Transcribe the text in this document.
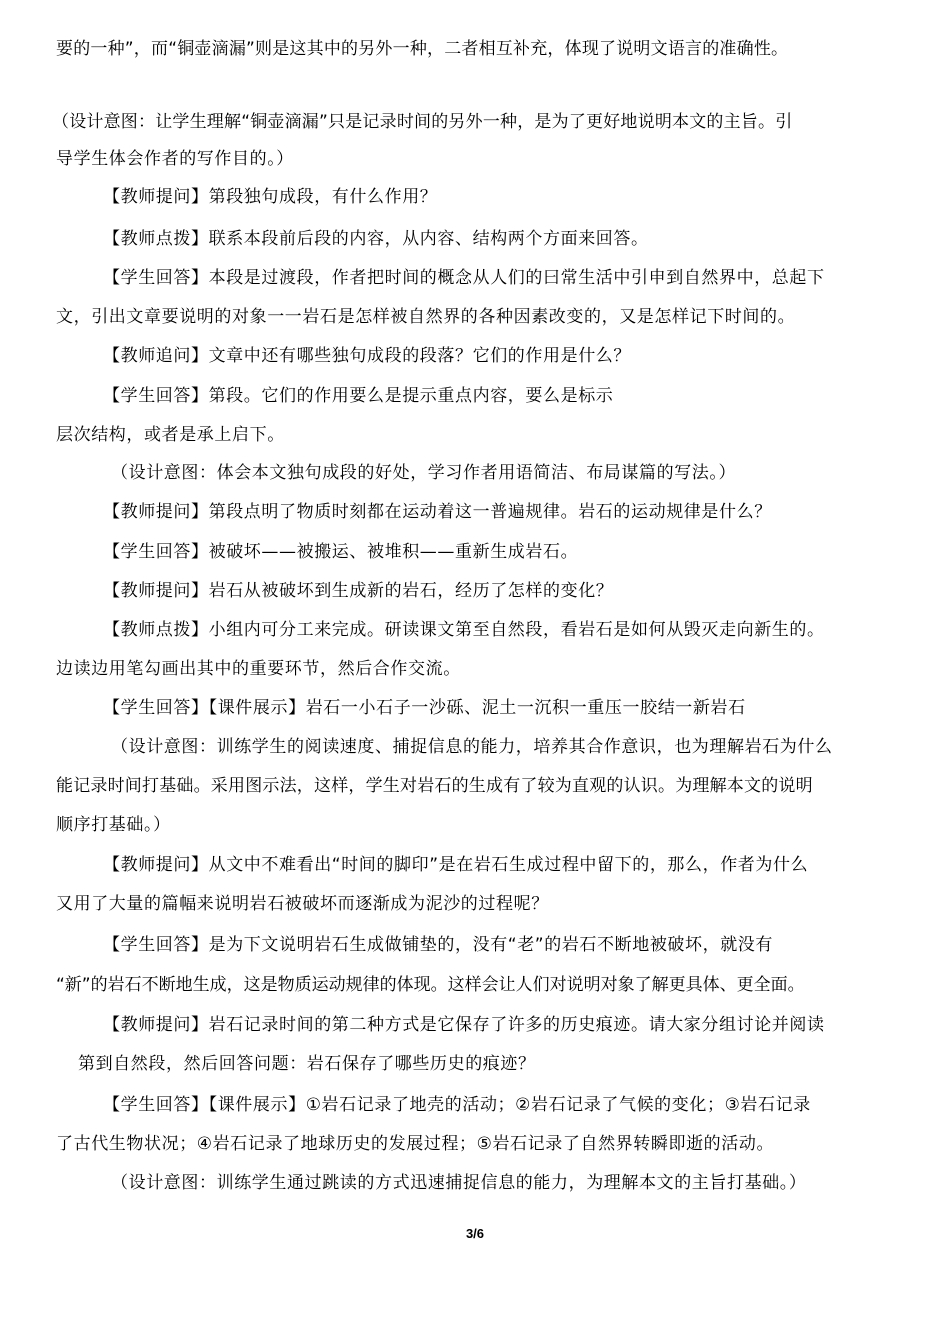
要的一种”，而“铜壶滴漏”则是这其中的另外一种，二者相互补充，体现了说明文语言的准确性。
（设计意图：让学生理解“铜壶滴漏”只是记录时间的另外一种，是为了更好地说明本文的主旨。引
导学生体会作者的写作目的。）
【教师提问】第段独句成段，有什么作用？
【教师点拨】联系本段前后段的内容，从内容、结构两个方面来回答。
【学生回答】本段是过渡段，作者把时间的概念从人们的曰常生活中引申到自然界中，总起下
文，引出文章要说明的对象一一岩石是怎样被自然界的各种因素改变的，又是怎样记下时间的。
【教师追问】文章中还有哪些独句成段的段落？它们的作用是什么？
【学生回答】第段。它们的作用要么是提示重点内容，要么是标示
层次结构，或者是承上启下。
（设计意图：体会本文独句成段的好处，学习作者用语简洁、布局谋篇的写法。）
【教师提问】第段点明了物质时刻都在运动着这一普遍规律。岩石的运动规律是什么？
【学生回答】被破坏——被搬运、被堆积——重新生成岩石。
【教师提问】岩石从被破坏到生成新的岩石，经历了怎样的变化？
【教师点拨】小组内可分工来完成。研读课文第至自然段，看岩石是如何从毁灭走向新生的。
边读边用笔勾画出其中的重要环节，然后合作交流。
【学生回答】【课件展示】岩石一小石子一沙砾、泥土一沉积一重压一胶结一新岩石
（设计意图：训练学生的阅读速度、捕捉信息的能力，培养其合作意识，也为理解岩石为什么
能记录时间打基础。采用图示法，这样，学生对岩石的生成有了较为直观的认识。为理解本文的说明
顺序打基础。）
【教师提问】从文中不难看出“时间的脚印”是在岩石生成过程中留下的，那么，作者为什么
又用了大量的篇幅来说明岩石被破坏而逐渐成为泥沙的过程呢？
【学生回答】是为下文说明岩石生成做铺垫的，没有“老”的岩石不断地被破坏，就没有
“新”的岩石不断地生成，这是物质运动规律的体现。这样会让人们对说明对象了解更具体、更全面。
【教师提问】岩石记录时间的第二种方式是它保存了许多的历史痕迹。请大家分组讨论并阅读
第到自然段，然后回答问题：岩石保存了哪些历史的痕迹？
【学生回答】【课件展示】①岩石记录了地壳的活动；②岩石记录了气候的变化；③岩石记录
了古代生物状况；④岩石记录了地球历史的发展过程；⑤岩石记录了自然界转瞬即逝的活动。
（设计意图：训练学生通过跳读的方式迅速捕捉信息的能力，为理解本文的主旨打基础。）
3/6
